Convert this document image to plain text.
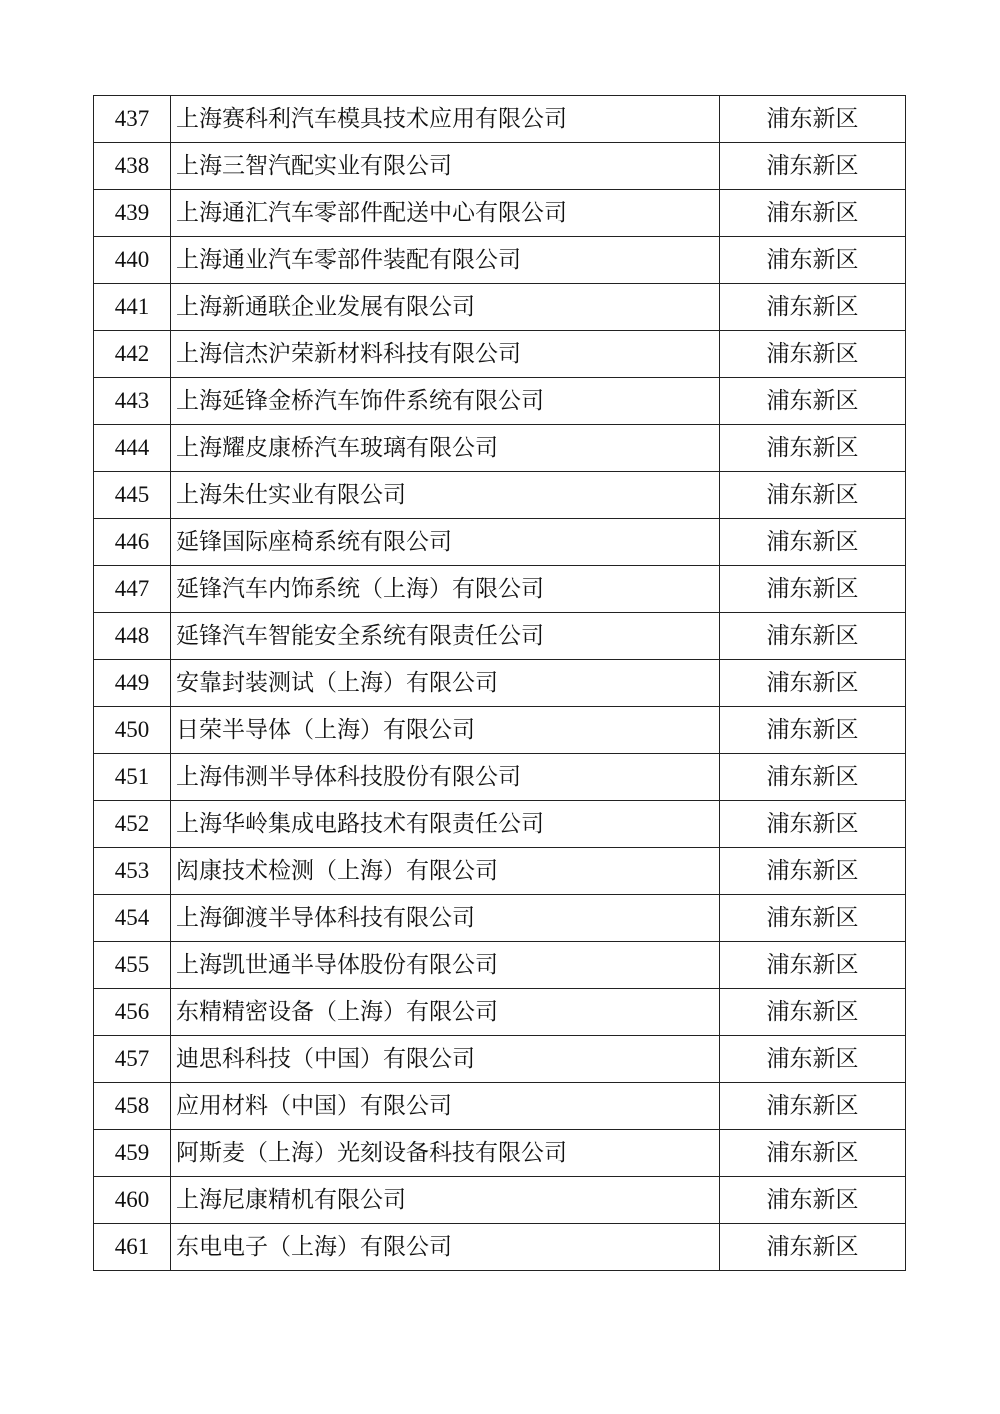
437	上海赛科利汽车模具技术应用有限公司	浦东新区
438	上海三智汽配实业有限公司	浦东新区
439	上海通汇汽车零部件配送中心有限公司	浦东新区
440	上海通业汽车零部件装配有限公司	浦东新区
441	上海新通联企业发展有限公司	浦东新区
442	上海信杰沪荣新材料科技有限公司	浦东新区
443	上海延锋金桥汽车饰件系统有限公司	浦东新区
444	上海耀皮康桥汽车玻璃有限公司	浦东新区
445	上海朱仕实业有限公司	浦东新区
446	延锋国际座椅系统有限公司	浦东新区
447	延锋汽车内饰系统（上海）有限公司	浦东新区
448	延锋汽车智能安全系统有限责任公司	浦东新区
449	安靠封装测试（上海）有限公司	浦东新区
450	日荣半导体（上海）有限公司	浦东新区
451	上海伟测半导体科技股份有限公司	浦东新区
452	上海华岭集成电路技术有限责任公司	浦东新区
453	闳康技术检测（上海）有限公司	浦东新区
454	上海御渡半导体科技有限公司	浦东新区
455	上海凯世通半导体股份有限公司	浦东新区
456	东精精密设备（上海）有限公司	浦东新区
457	迪思科科技（中国）有限公司	浦东新区
458	应用材料（中国）有限公司	浦东新区
459	阿斯麦（上海）光刻设备科技有限公司	浦东新区
460	上海尼康精机有限公司	浦东新区
461	东电电子（上海）有限公司	浦东新区
